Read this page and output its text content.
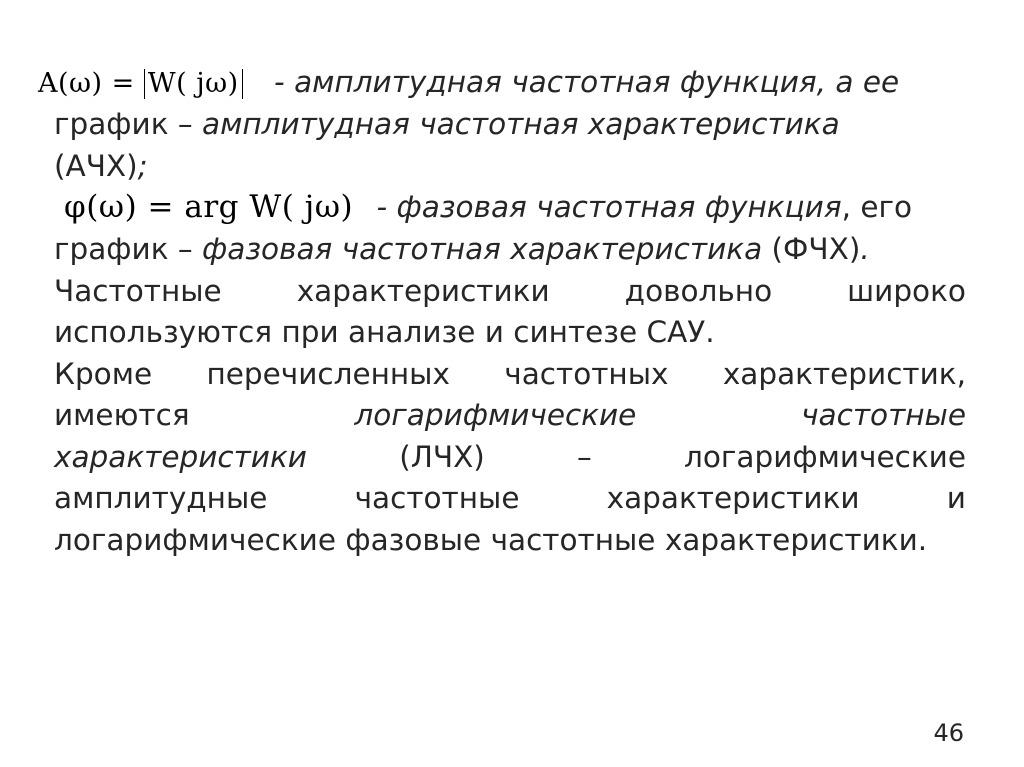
A(ω) = W( jω) - амплитудная частотная функция, а ее
график – амплитудная частотная характеристика
(АЧХ);
φ(ω) = arg W( jω) - фазовая частотная функция, его
график – фазовая частотная характеристика (ФЧХ).
Частотные	характеристики	довольно	широко
используются при анализе и синтезе САУ.
Кроме перечисленных частотных характеристик,
имеются	логарифмические	частотные
характеристики	(ЛЧХ)	–	логарифмические
амплитудные	частотные	характеристики	и
логарифмические фазовые частотные характеристики.
46
